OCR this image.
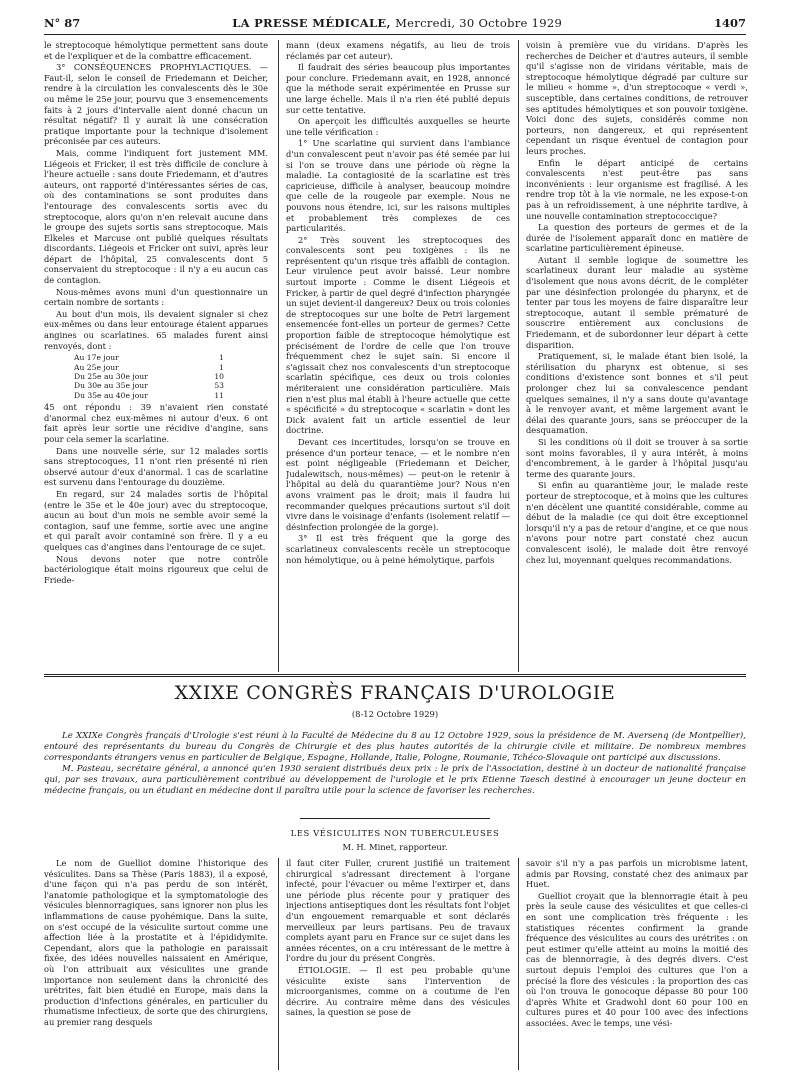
N° 87	LA PRESSE MÉDICALE, Mercredi, 30 Octobre 1929	1407

le streptocoque hémolytique permettent sans doute et de l'expliquer et de la combattre efficacement.

3° CONSÉQUENCES PROPHYLACTIQUES. — Faut-il, selon le conseil de Friedemann et Deicher, rendre à la circulation les convalescents dès le 30e ou même le 25e jour, pourvu que 3 ensemencements faits à 2 jours d'intervalle aient donné chacun un résultat négatif? Il y aurait là une consécration pratique importante pour la technique d'isolement préconisée par ces auteurs.

Mais, comme l'indiquent fort justement MM. Liégeois et Fricker, il est très difficile de conclure à l'heure actuelle : sans doute Friedemann, et d'autres auteurs, ont rapporté d'intéressantes séries de cas, où des contaminations se sont produites dans l'entourage des convalescents sortis avec du streptocoque, alors qu'on n'en relevait aucune dans le groupe des sujets sortis sans streptocoque. Mais Elkeles et Marcuse ont publié quelques résultats discordants. Liégeois et Fricker ont suivi, après leur départ de l'hôpital, 25 convalescents dont 5 conservaient du streptocoque : il n'y a eu aucun cas de contagion.

Nous-mêmes avons muni d'un questionnaire un certain nombre de sortants :

Au bout d'un mois, ils devaient signaler si chez eux-mêmes ou dans leur entourage étaient apparues angines ou scarlatines. 65 malades furent ainsi renvoyés, dont :

Au 17e jour	1
Au 25e jour	1
Du 25e au 30e jour	10
Du 30e au 35e jour	53
Du 35e au 40e jour	11

45 ont répondu : 39 n'avaient rien constaté d'anormal chez eux-mêmes ni autour d'eux. 6 ont fait après leur sortie une récidive d'angine, sans pour cela semer la scarlatine.

Dans une nouvelle série, sur 12 malades sortis sans streptocoques, 11 n'ont rien présenté ni rien observé autour d'eux d'anormal. 1 cas de scarlatine est survenu dans l'entourage du douzième.

En regard, sur 24 malades sortis de l'hôpital (entre le 35e et le 40e jour) avec du streptocoque, aucun au bout d'un mois ne semble avoir semé la contagion, sauf une femme, sortie avec une angine et qui paraît avoir contaminé son frère. Il y a eu quelques cas d'angines dans l'entourage de ce sujet.

Nous devons noter que notre contrôle bactériologique était moins rigoureux que celui de Friede-

mann (deux examens négatifs, au lieu de trois réclamés par cet auteur).

Il faudrait des séries beaucoup plus importantes pour conclure. Friedemann avait, en 1928, annoncé que la méthode serait expérimentée en Prusse sur une large échelle. Mais il n'a rien été publié depuis sur cette tentative.

On aperçoit les difficultés auxquelles se heurte une telle vérification :

1° Une scarlatine qui survient dans l'ambiance d'un convalescent peut n'avoir pas été semée par lui si l'on se trouve dans une période où règne la maladie. La contagiosité de la scarlatine est très capricieuse, difficile à analyser, beaucoup moindre que celle de la rougeole par exemple. Nous ne pouvons nous étendre, ici, sur les raisons multiples et probablement très complexes de ces particularités.

2° Très souvent les streptocoques des convalescents sont peu toxigènes : ils ne représentent qu'un risque très affaibli de contagion. Leur virulence peut avoir baissé. Leur nombre surtout importe : Comme le disent Liégeois et Fricker, à partir de quel degré d'infection pharyngée un sujet devient-il dangereux? Deux ou trois colonies de streptocoques sur une boîte de Petri largement ensemencée font-elles un porteur de germes? Cette proportion faible de streptocoque hémolytique est précisément de l'ordre de celle que l'on trouve fréquemment chez le sujet sain. Si encore il s'agissait chez nos convalescents d'un streptocoque scarlatin spécifique, ces deux ou trois colonies mériteraient une considération particulière. Mais rien n'est plus mal établi à l'heure actuelle que cette « spécificité » du streptocoque « scarlatin » dont les Dick avaient fait un article essentiel de leur doctrine.

Devant ces incertitudes, lorsqu'on se trouve en présence d'un porteur tenace, — et le nombre n'en est point négligeable (Friedemann et Deicher, Judalewitsch, nous-mêmes) — peut-on le retenir à l'hôpital au delà du quarantième jour? Nous n'en avons vraiment pas le droit; mais il faudra lui recommander quelques précautions surtout s'il doit vivre dans le voisinage d'enfants (isolement relatif — désinfection prolongée de la gorge).

3° Il est très fréquent que la gorge des scarlatineux convalescents recèle un streptocoque non hémolytique, ou à peine hémolytique, parfois

voisin à première vue du viridans. D'après les recherches de Deicher et d'autres auteurs, il semble qu'il s'agisse non de viridans véritable, mais de streptocoque hémolytique dégradé par culture sur le milieu « homme », d'un streptocoque « verdi », susceptible, dans certaines conditions, de retrouver ses aptitudes hémolytiques et son pouvoir toxigène. Voici donc des sujets, considérés comme non porteurs, non dangereux, et qui représentent cependant un risque éventuel de contagion pour leurs proches.

Enfin le départ anticipé de certains convalescents n'est peut-être pas sans inconvénients : leur organisme est fragilisé. A les rendre trop tôt à la vie normale, ne les expose-t-on pas à un refroidissement, à une néphrite tardive, à une nouvelle contamination streptococcique?

La question des porteurs de germes et de la durée de l'isolement apparaît donc en matière de scarlatine particulièrement épineuse.

Autant il semble logique de soumettre les scarlatineux durant leur maladie au système d'isolement que nous avons décrit, de le compléter par une désinfection prolongée du pharynx, et de tenter par tous les moyens de faire disparaître leur streptocoque, autant il semble prématuré de souscrire entièrement aux conclusions de Friedemann, et de subordonner leur départ à cette disparition.

Pratiquement, si, le malade étant bien isolé, la stérilisation du pharynx est obtenue, si ses conditions d'existence sont bonnes et s'il peut prolonger chez lui sa convalescence pendant quelques semaines, il n'y a sans doute qu'avantage à le renvoyer avant, et même largement avant le délai des quarante jours, sans se préoccuper de la desquamation.

Si les conditions où il doit se trouver à sa sortie sont moins favorables, il y aura intérêt, à moins d'encombrement, à le garder à l'hôpital jusqu'au terme des quarante jours.

Si enfin au quarantième jour, le malade reste porteur de streptocoque, et à moins que les cultures n'en décèlent une quantité considérable, comme au début de la maladie (ce qui doit être exceptionnel lorsqu'il n'y a pas de retour d'angine, et ce que nous n'avons pour notre part constaté chez aucun convalescent isolé), le malade doit être renvoyé chez lui, moyennant quelques recommandations.

XXIXE CONGRÈS FRANÇAIS D'UROLOGIE
(8-12 Octobre 1929)

Le XXIXe Congrès français d'Urologie s'est réuni à la Faculté de Médecine du 8 au 12 Octobre 1929, sous la présidence de M. Aversenq (de Montpellier), entouré des représentants du bureau du Congrès de Chirurgie et des plus hautes autorités de la chirurgie civile et militaire. De nombreux membres correspondants étrangers venus en particulier de Belgique, Espagne, Hollande, Italie, Pologne, Roumanie, Tchéco-Slovaquie ont participé aux discussions.

M. Pasteau, secrétaire général, a annoncé qu'en 1930 seraient distribués deux prix : le prix de l'Association, destiné à un docteur de nationalité française qui, par ses travaux, aura particulièrement contribué au développement de l'urologie et le prix Etienne Taesch destiné à encourager un jeune docteur en médecine français, ou un étudiant en médecine dont il paraîtra utile pour la science de favoriser les recherches.

LES VÉSICULITES NON TUBERCULEUSES
M. H. Minet, rapporteur.

Le nom de Guelliot domine l'historique des vésiculites. Dans sa Thèse (Paris 1883), il a exposé, d'une façon qui n'a pas perdu de son intérêt, l'anatomie pathologique et la symptomatologie des vésicules blennorragiques, sans ignorer non plus les inflammations de cause pyohémique. Dans la suite, on s'est occupé de la vésiculite surtout comme une affection liée à la prostatite et à l'épididymite. Cependant, alors que la pathologie en paraissait fixée, des idées nouvelles naissaient en Amérique, où l'on attribuait aux vésiculites une grande importance non seulement dans la chronicité des urétrites, fait bien étudié en Europe, mais dans la production d'infections générales, en particulier du rhumatisme infectieux, de sorte que des chirurgiens, au premier rang desquels

il faut citer Fuller, crurent justifié un traitement chirurgical s'adressant directement à l'organe infecté, pour l'évacuer ou même l'extirper et, dans une période plus récente pour y pratiquer des injections antiseptiques dont les résultats font l'objet d'un engouement remarquable et sont déclarés merveilleux par leurs partisans. Peu de travaux complets ayant paru en France sur ce sujet dans les années récentes, on a cru intéressant de le mettre à l'ordre du jour du présent Congrès.

ÉTIOLOGIE. — Il est peu probable qu'une vésiculite existe sans l'intervention de microorganismes, comme on a coutume de l'en décrire. Au contraire même dans des vésicules saines, la question se pose de

savoir s'il n'y a pas parfois un microbisme latent, admis par Rovsing, constaté chez des animaux par Huet.

Guelliot croyait que la blennorragie était à peu près la seule cause des vésiculites et que celles-ci en sont une complication très fréquente : les statistiques récentes confirment la grande fréquence des vésiculites au cours des urétrites : on peut estimer qu'elle atteint au moins la moitié des cas de blennorragie, à des degrés divers. C'est surtout depuis l'emploi des cultures que l'on a précisé la flore des vésicules : la proportion des cas où l'on trouva le gonocoque dépasse 80 pour 100 d'après White et Gradwohl dont 60 pour 100 en cultures pures et 40 pour 100 avec des infections associées. Avec le temps, une vési-
